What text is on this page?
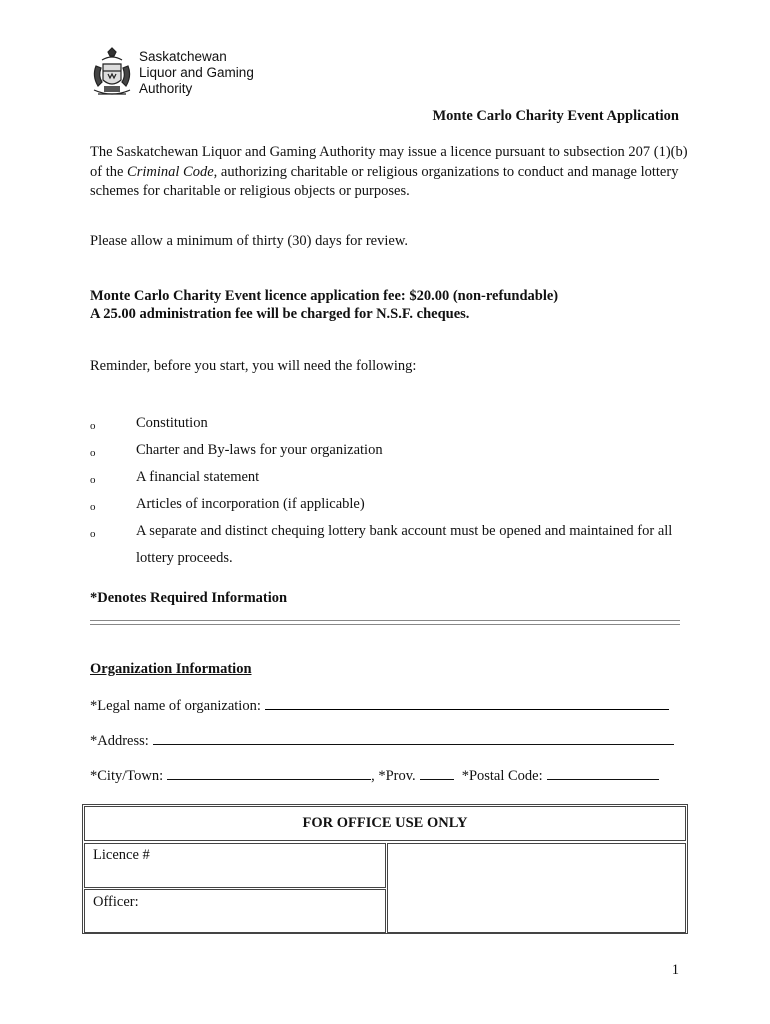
Saskatchewan
Liquor and Gaming
Authority
Monte Carlo Charity Event Application
The Saskatchewan Liquor and Gaming Authority may issue a licence pursuant to subsection 207 (1)(b) of the Criminal Code, authorizing charitable or religious organizations to conduct and manage lottery schemes for charitable or religious objects or purposes.
Please allow a minimum of thirty (30) days for review.
Monte Carlo Charity Event licence application fee: $20.00 (non-refundable)
A 25.00 administration fee will be charged for N.S.F. cheques.
Reminder, before you start, you will need the following:
o	Constitution
o	Charter and By-laws for your organization
o	A financial statement
o	Articles of incorporation (if applicable)
o	A separate and distinct chequing lottery bank account must be opened and maintained for all lottery proceeds.
*Denotes Required Information
Organization Information
*Legal name of organization:
*Address:
*City/Town:	, *Prov.	*Postal Code:
FOR OFFICE USE ONLY
Licence #
Officer:
1
